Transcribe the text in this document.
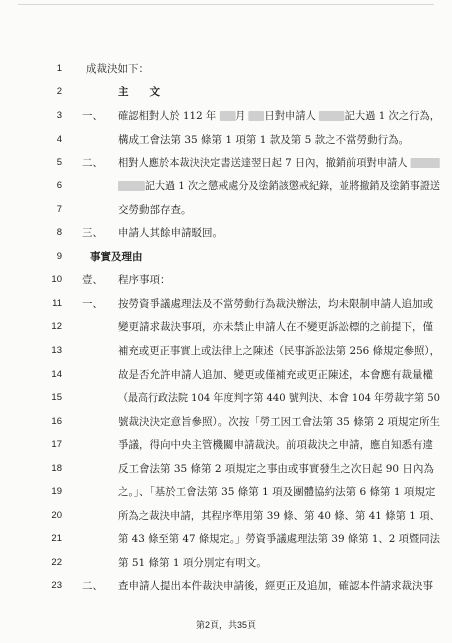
1 成裁決如下：
2	主　　文
3 一、 確認相對人於 112 年 月 日對申請人 記大過 1 次之行為，
4	構成工會法第 35 條第 1 項第 1 款及第 5 款之不當勞動行為。
5 二、 相對人應於本裁決決定書送達翌日起 7 日內，撤銷前項對申請人
6	記大過 1 次之懲戒處分及塗銷該懲戒紀錄，並將撤銷及塗銷事證送
7	交勞動部存查。
8 三、 申請人其餘申請駁回。
9	事實及理由
10 壹、 程序事項：
11 一、 按勞資爭議處理法及不當勞動行為裁決辦法，均未限制申請人追加或
12	變更請求裁決事項，亦未禁止申請人在不變更訴訟標的之前提下，僅
13	補充或更正事實上或法律上之陳述（民事訴訟法第 256 條規定參照），
14	故是否允許申請人追加、變更或僅補充或更正陳述，本會應有裁量權
15	（最高行政法院 104 年度判字第 440 號判決、本會 104 年勞裁字第 50
16	號裁決決定意旨參照）。次按「勞工因工會法第 35 條第 2 項規定所生
17	爭議，得向中央主管機關申請裁決。前項裁決之申請，應自知悉有違
18	反工會法第 35 條第 2 項規定之事由或事實發生之次日起 90 日內為
19	之。」、「基於工會法第 35 條第 1 項及團體協約法第 6 條第 1 項規定
20	所為之裁決申請，其程序準用第 39 條、第 40 條、第 41 條第 1 項、
21	第 43 條至第 47 條規定。」勞資爭議處理法第 39 條第 1、2 項暨同法
22	第 51 條第 1 項分別定有明文。
23 二、 查申請人提出本件裁決申請後，經更正及追加，確認本件請求裁決事
第2頁，共35頁
